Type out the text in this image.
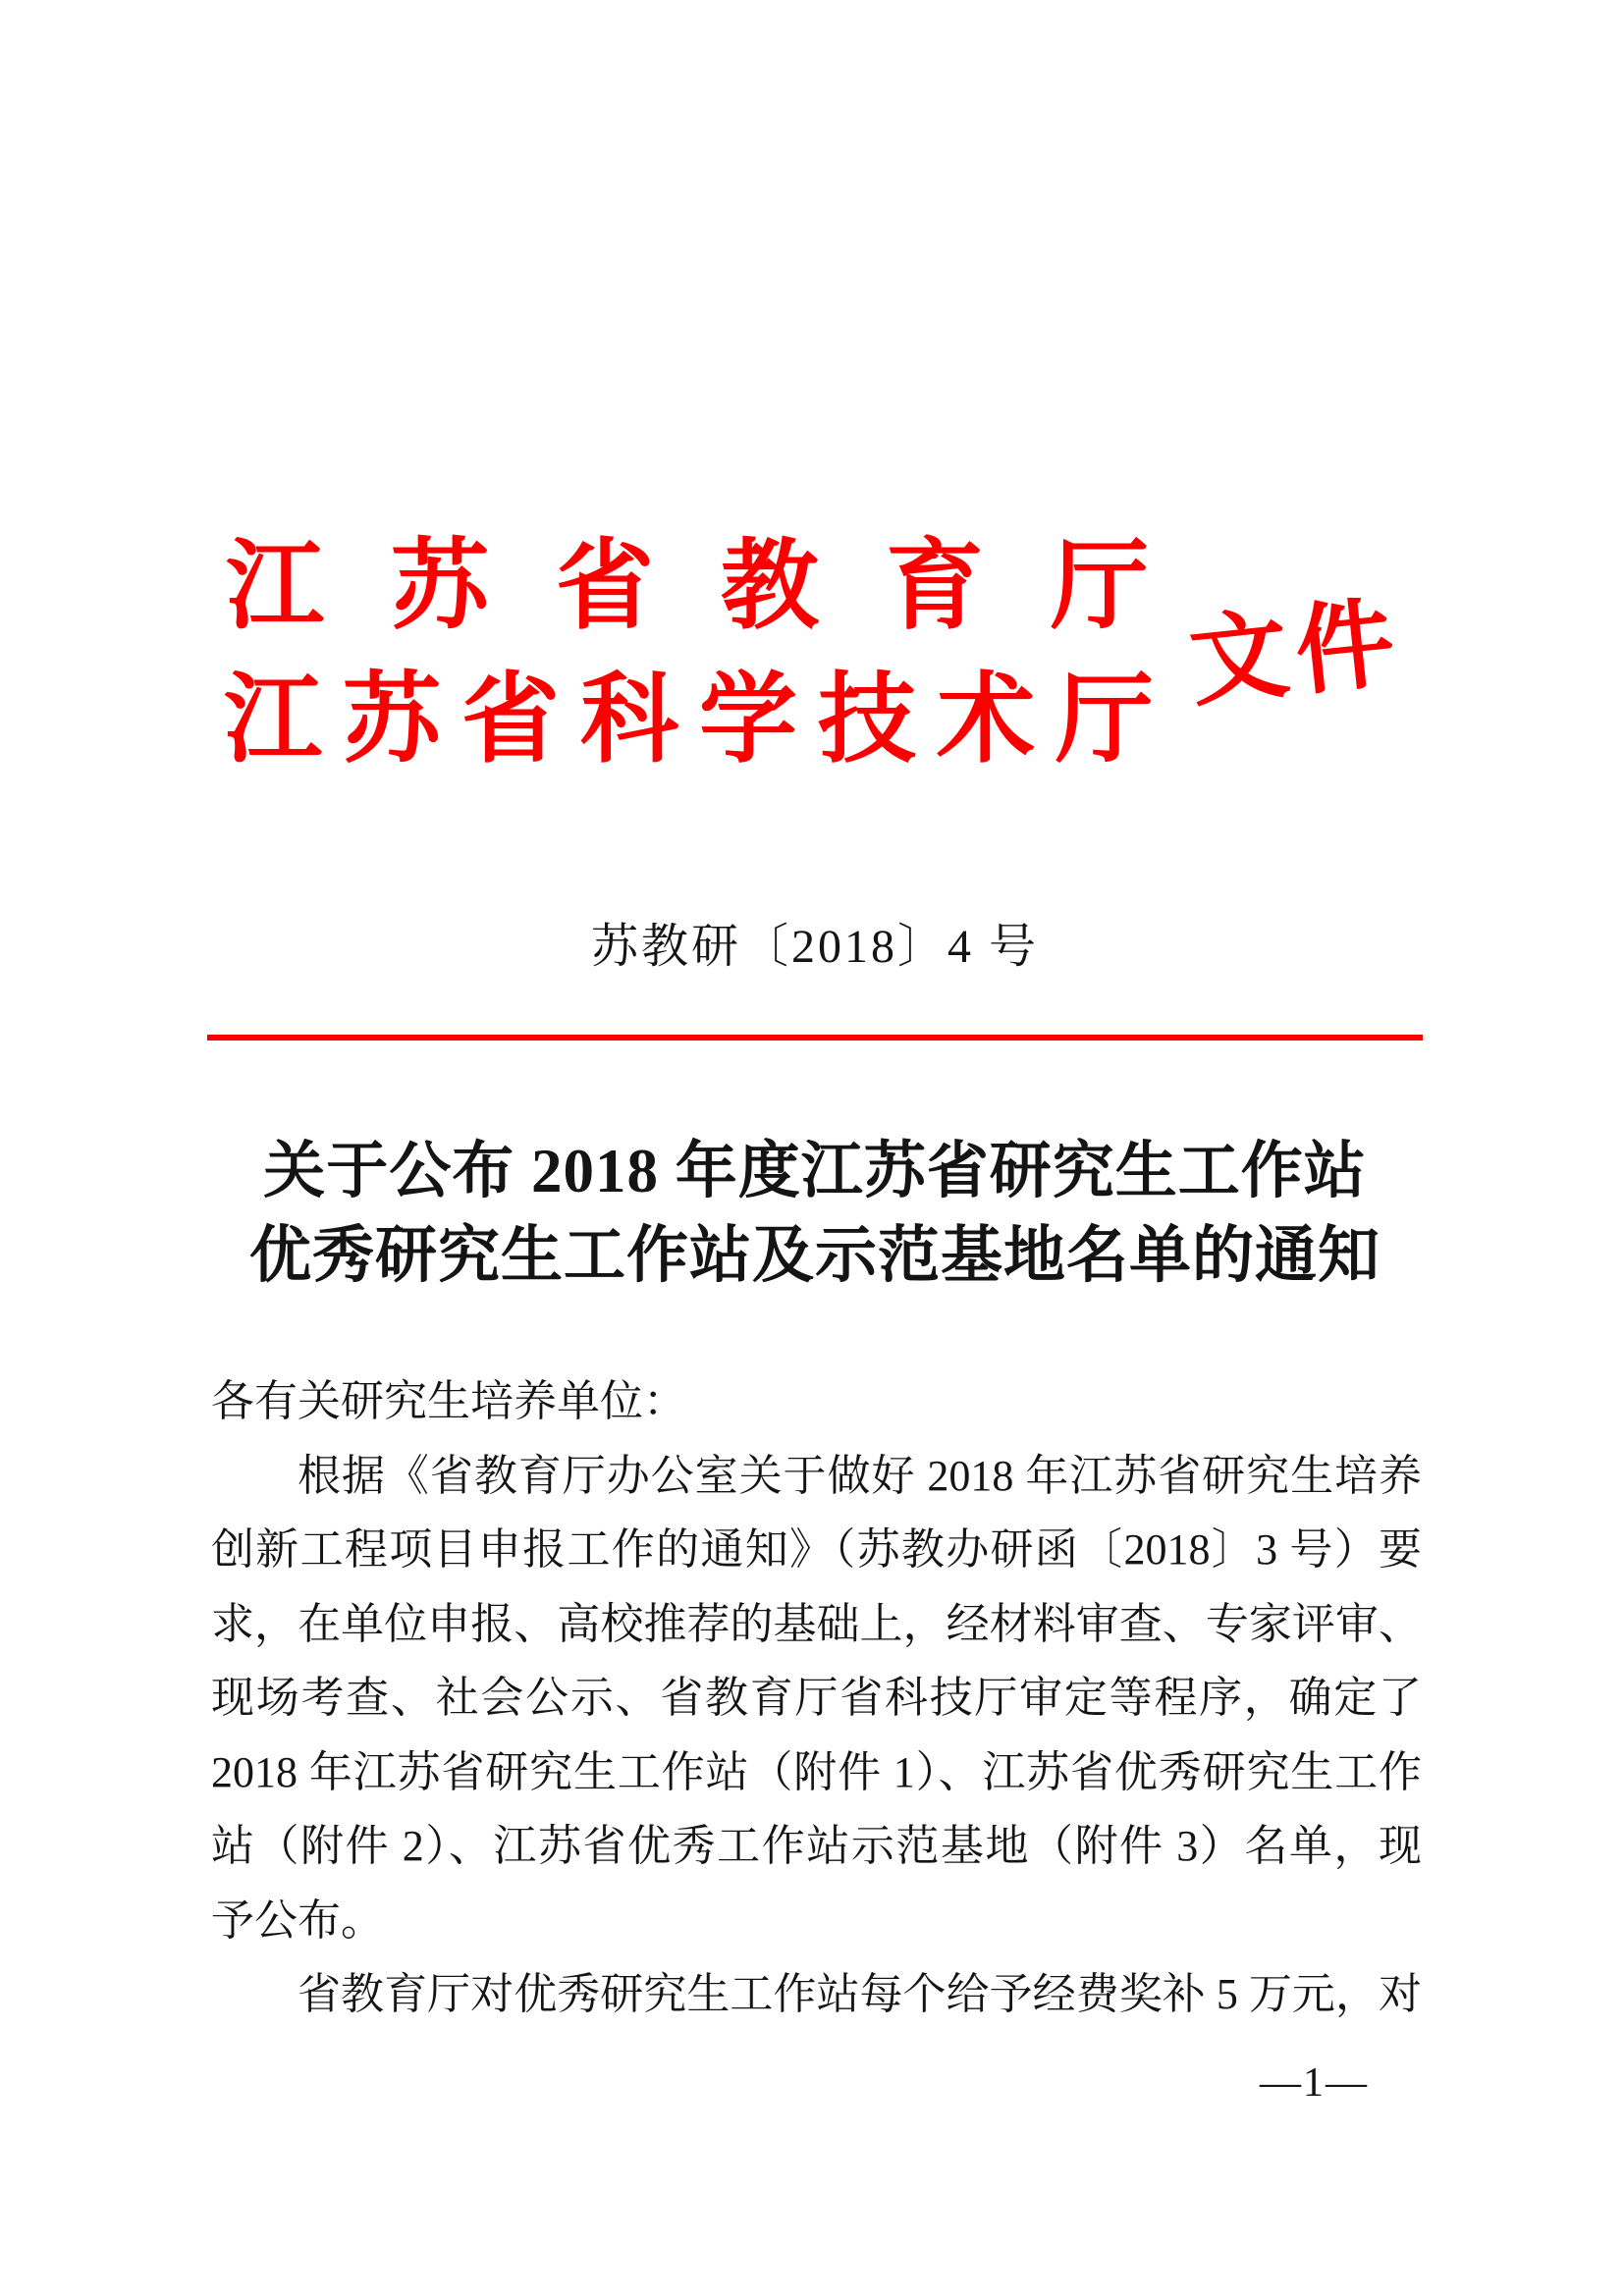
江苏省教育厅
江苏省科学技术厅
文件
苏教研〔2018〕4 号
关于公布 2018 年度江苏省研究生工作站
优秀研究生工作站及示范基地名单的通知
各有关研究生培养单位：
根据《省教育厅办公室关于做好 2018 年江苏省研究生培养
创新工程项目申报工作的通知》（苏教办研函〔2018〕3 号）要
求，在单位申报、高校推荐的基础上，经材料审查、专家评审、
现场考查、社会公示、省教育厅省科技厅审定等程序，确定了
2018 年江苏省研究生工作站（附件 1）、江苏省优秀研究生工作
站（附件 2）、江苏省优秀工作站示范基地（附件 3）名单，现
予公布。
省教育厅对优秀研究生工作站每个给予经费奖补 5 万元，对
—1—
